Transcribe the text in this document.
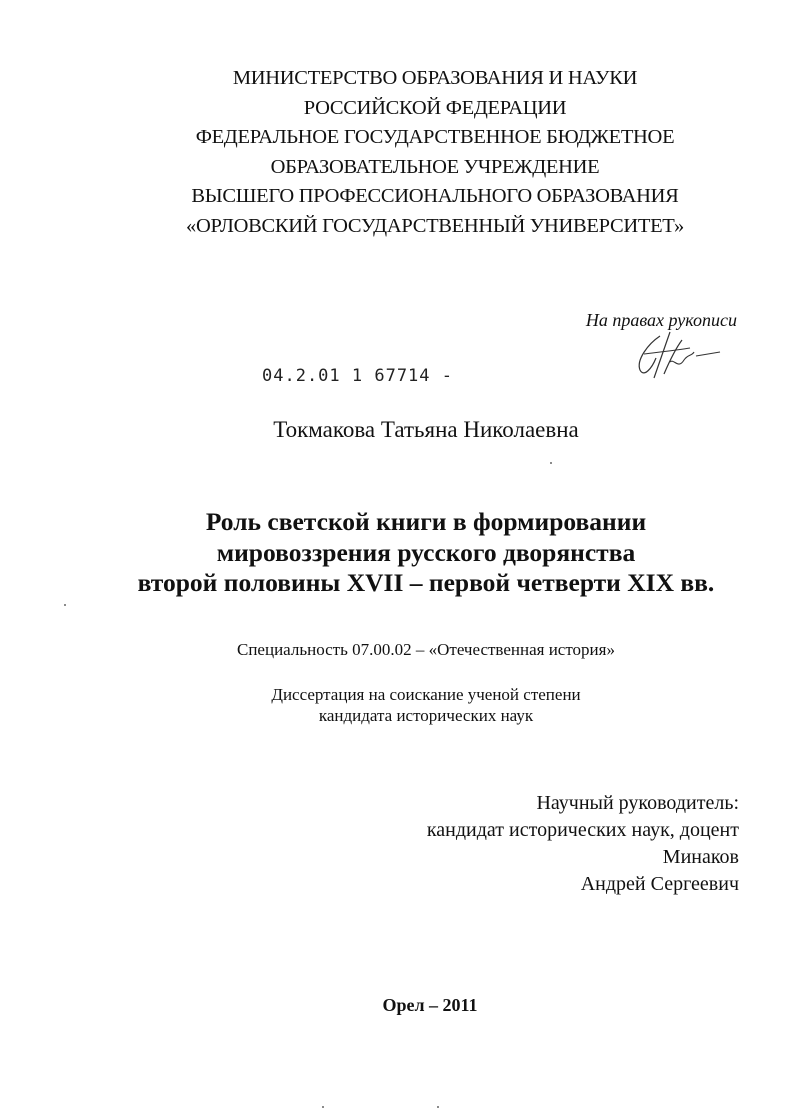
МИНИСТЕРСТВО ОБРАЗОВАНИЯ И НАУКИ
РОССИЙСКОЙ ФЕДЕРАЦИИ
ФЕДЕРАЛЬНОЕ ГОСУДАРСТВЕННОЕ БЮДЖЕТНОЕ
ОБРАЗОВАТЕЛЬНОЕ УЧРЕЖДЕНИЕ
ВЫСШЕГО ПРОФЕССИОНАЛЬНОГО ОБРАЗОВАНИЯ
«ОРЛОВСКИЙ ГОСУДАРСТВЕННЫЙ УНИВЕРСИТЕТ»
На правах рукописи
04.2.01 1 67714 -
Токмакова Татьяна Николаевна
Роль светской книги в формировании
мировоззрения русского дворянства
второй половины XVII – первой четверти XIX вв.
Специальность 07.00.02 – «Отечественная история»
Диссертация на соискание ученой степени
кандидата исторических наук
Научный руководитель:
кандидат исторических наук, доцент
Минаков
Андрей Сергеевич
Орел – 2011
